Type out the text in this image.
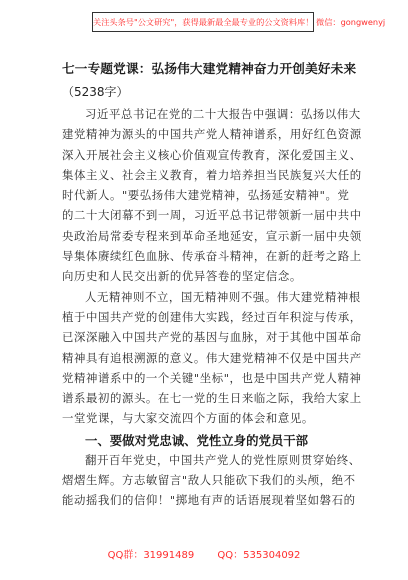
关注头条号"公文研究"，获得最新最全最专业的公文资料库！ 微信：gongwenyj
七一专题党课：弘扬伟大建党精神奋力开创美好未来
（5238字）

习近平总书记在党的二十大报告中强调：弘扬以伟大
建党精神为源头的中国共产党人精神谱系，用好红色资源
深入开展社会主义核心价值观宣传教育，深化爱国主义、
集体主义、社会主义教育，着力培养担当民族复兴大任的
时代新人。"要弘扬伟大建党精神，弘扬延安精神"。党
的二十大闭幕不到一周，习近平总书记带领新一届中共中
央政治局常委专程来到革命圣地延安，宣示新一届中央领
导集体赓续红色血脉、传承奋斗精神，在新的赶考之路上
向历史和人民交出新的优异答卷的坚定信念。

人无精神则不立，国无精神则不强。伟大建党精神根
植于中国共产党的创建伟大实践，经过百年积淀与传承，
已深深融入中国共产党的基因与血脉，对于其他中国革命
精神具有追根溯源的意义。伟大建党精神不仅是中国共产
党精神谱系中的一个关键"坐标"，也是中国共产党人精神
谱系最初的源头。在七一党的生日来临之际，我给大家上
一堂党课，与大家交流四个方面的体会和意见。

一、要做对党忠诚、党性立身的党员干部

翻开百年党史，中国共产党人的党性原则贯穿始终、
熠熠生辉。方志敏留言"敌人只能砍下我们的头颅，绝不
能动摇我们的信仰！"掷地有声的话语展现着坚如磐石的

QQ群：31991489 QQ：535304092
